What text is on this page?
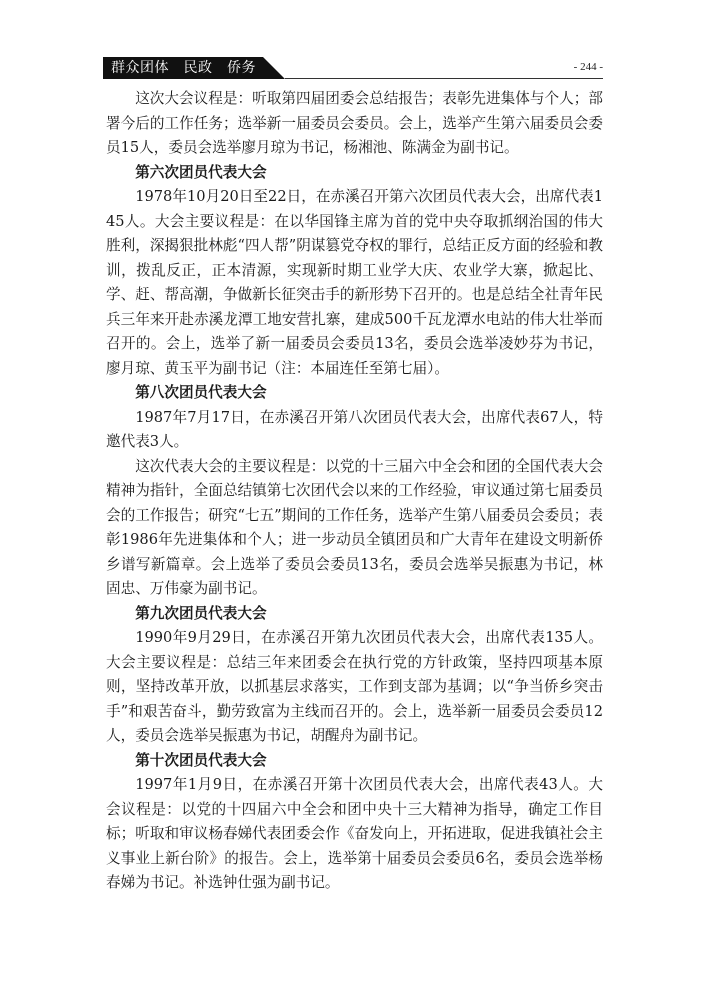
群众团体　民政　侨务	- 244 -

这次大会议程是：听取第四届团委会总结报告；表彰先进集体与个人；部署今后的工作任务；选举新一届委员会委员。会上，选举产生第六届委员会委员15人，委员会选举廖月琼为书记，杨湘池、陈满金为副书记。

第六次团员代表大会

1978年10月20日至22日，在赤溪召开第六次团员代表大会，出席代表145人。大会主要议程是：在以华国锋主席为首的党中央夺取抓纲治国的伟大胜利，深揭狠批林彪“四人帮”阴谋篡党夺权的罪行，总结正反方面的经验和教训，拨乱反正，正本清源，实现新时期工业学大庆、农业学大寨，掀起比、学、赶、帮高潮，争做新长征突击手的新形势下召开的。也是总结全社青年民兵三年来开赴赤溪龙潭工地安营扎寨，建成500千瓦龙潭水电站的伟大壮举而召开的。会上，选举了新一届委员会委员13名，委员会选举凌妙芬为书记，廖月琼、黄玉平为副书记（注：本届连任至第七届）。

第八次团员代表大会

1987年7月17日，在赤溪召开第八次团员代表大会，出席代表67人，特邀代表3人。

这次代表大会的主要议程是：以党的十三届六中全会和团的全国代表大会精神为指针，全面总结镇第七次团代会以来的工作经验，审议通过第七届委员会的工作报告；研究“七五”期间的工作任务，选举产生第八届委员会委员；表彰1986年先进集体和个人；进一步动员全镇团员和广大青年在建设文明新侨乡谱写新篇章。会上选举了委员会委员13名，委员会选举吴振惠为书记，林固忠、万伟豪为副书记。

第九次团员代表大会

1990年9月29日，在赤溪召开第九次团员代表大会，出席代表135人。大会主要议程是：总结三年来团委会在执行党的方针政策，坚持四项基本原则，坚持改革开放，以抓基层求落实，工作到支部为基调；以“争当侨乡突击手”和艰苦奋斗，勤劳致富为主线而召开的。会上，选举新一届委员会委员12人，委员会选举吴振惠为书记，胡醒舟为副书记。

第十次团员代表大会

1997年1月9日，在赤溪召开第十次团员代表大会，出席代表43人。大会议程是：以党的十四届六中全会和团中央十三大精神为指导，确定工作目标；听取和审议杨春娣代表团委会作《奋发向上，开拓进取，促进我镇社会主义事业上新台阶》的报告。会上，选举第十届委员会委员6名，委员会选举杨春娣为书记。补选钟仕强为副书记。
